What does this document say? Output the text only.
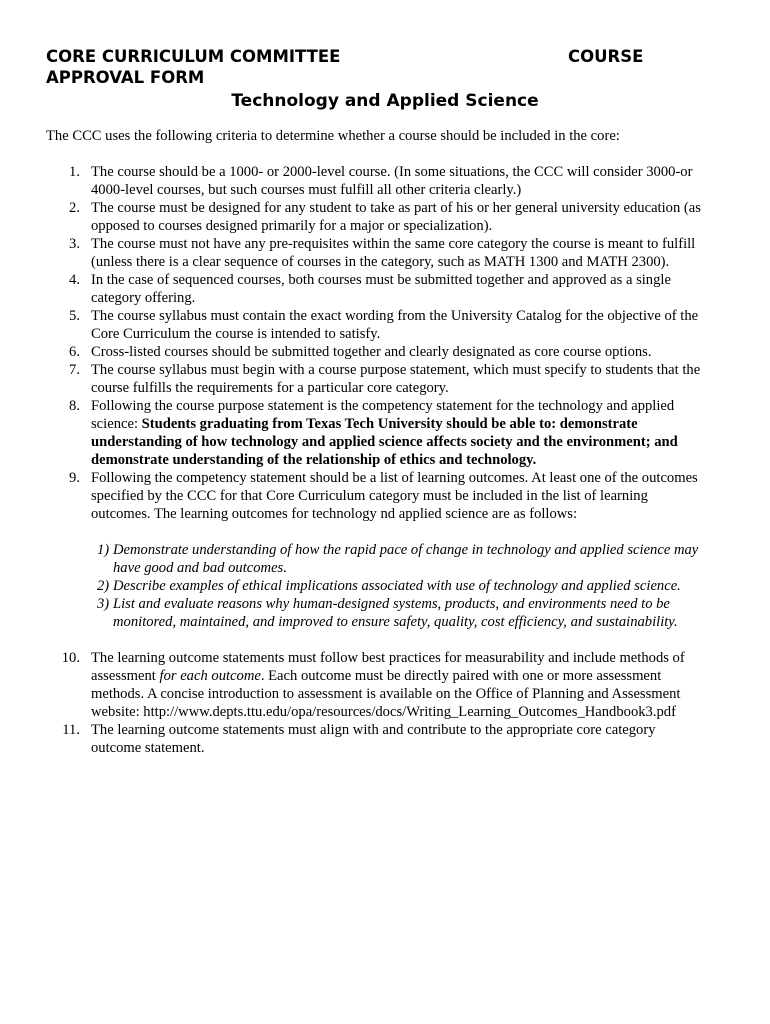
CORE CURRICULUM COMMITTEE	COURSE
APPROVAL FORM
Technology and Applied Science
The CCC uses the following criteria to determine whether a course should be included in the core:
1. The course should be a 1000- or 2000-level course. (In some situations, the CCC will consider 3000-or 4000-level courses, but such courses must fulfill all other criteria clearly.)
2. The course must be designed for any student to take as part of his or her general university education (as opposed to courses designed primarily for a major or specialization).
3. The course must not have any pre-requisites within the same core category the course is meant to fulfill (unless there is a clear sequence of courses in the category, such as MATH 1300 and MATH 2300).
4. In the case of sequenced courses, both courses must be submitted together and approved as a single category offering.
5. The course syllabus must contain the exact wording from the University Catalog for the objective of the Core Curriculum the course is intended to satisfy.
6. Cross-listed courses should be submitted together and clearly designated as core course options.
7. The course syllabus must begin with a course purpose statement, which must specify to students that the course fulfills the requirements for a particular core category.
8. Following the course purpose statement is the competency statement for the technology and applied science: Students graduating from Texas Tech University should be able to: demonstrate understanding of how technology and applied science affects society and the environment; and demonstrate understanding of the relationship of ethics and technology.
9. Following the competency statement should be a list of learning outcomes. At least one of the outcomes specified by the CCC for that Core Curriculum category must be included in the list of learning outcomes. The learning outcomes for technology nd applied science are as follows:
1) Demonstrate understanding of how the rapid pace of change in technology and applied science may have good and bad outcomes.
2) Describe examples of ethical implications associated with use of technology and applied science.
3) List and evaluate reasons why human-designed systems, products, and environments need to be monitored, maintained, and improved to ensure safety, quality, cost efficiency, and sustainability.
10. The learning outcome statements must follow best practices for measurability and include methods of assessment for each outcome. Each outcome must be directly paired with one or more assessment methods. A concise introduction to assessment is available on the Office of Planning and Assessment website: http://www.depts.ttu.edu/opa/resources/docs/Writing_Learning_Outcomes_Handbook3.pdf
11. The learning outcome statements must align with and contribute to the appropriate core category outcome statement.
